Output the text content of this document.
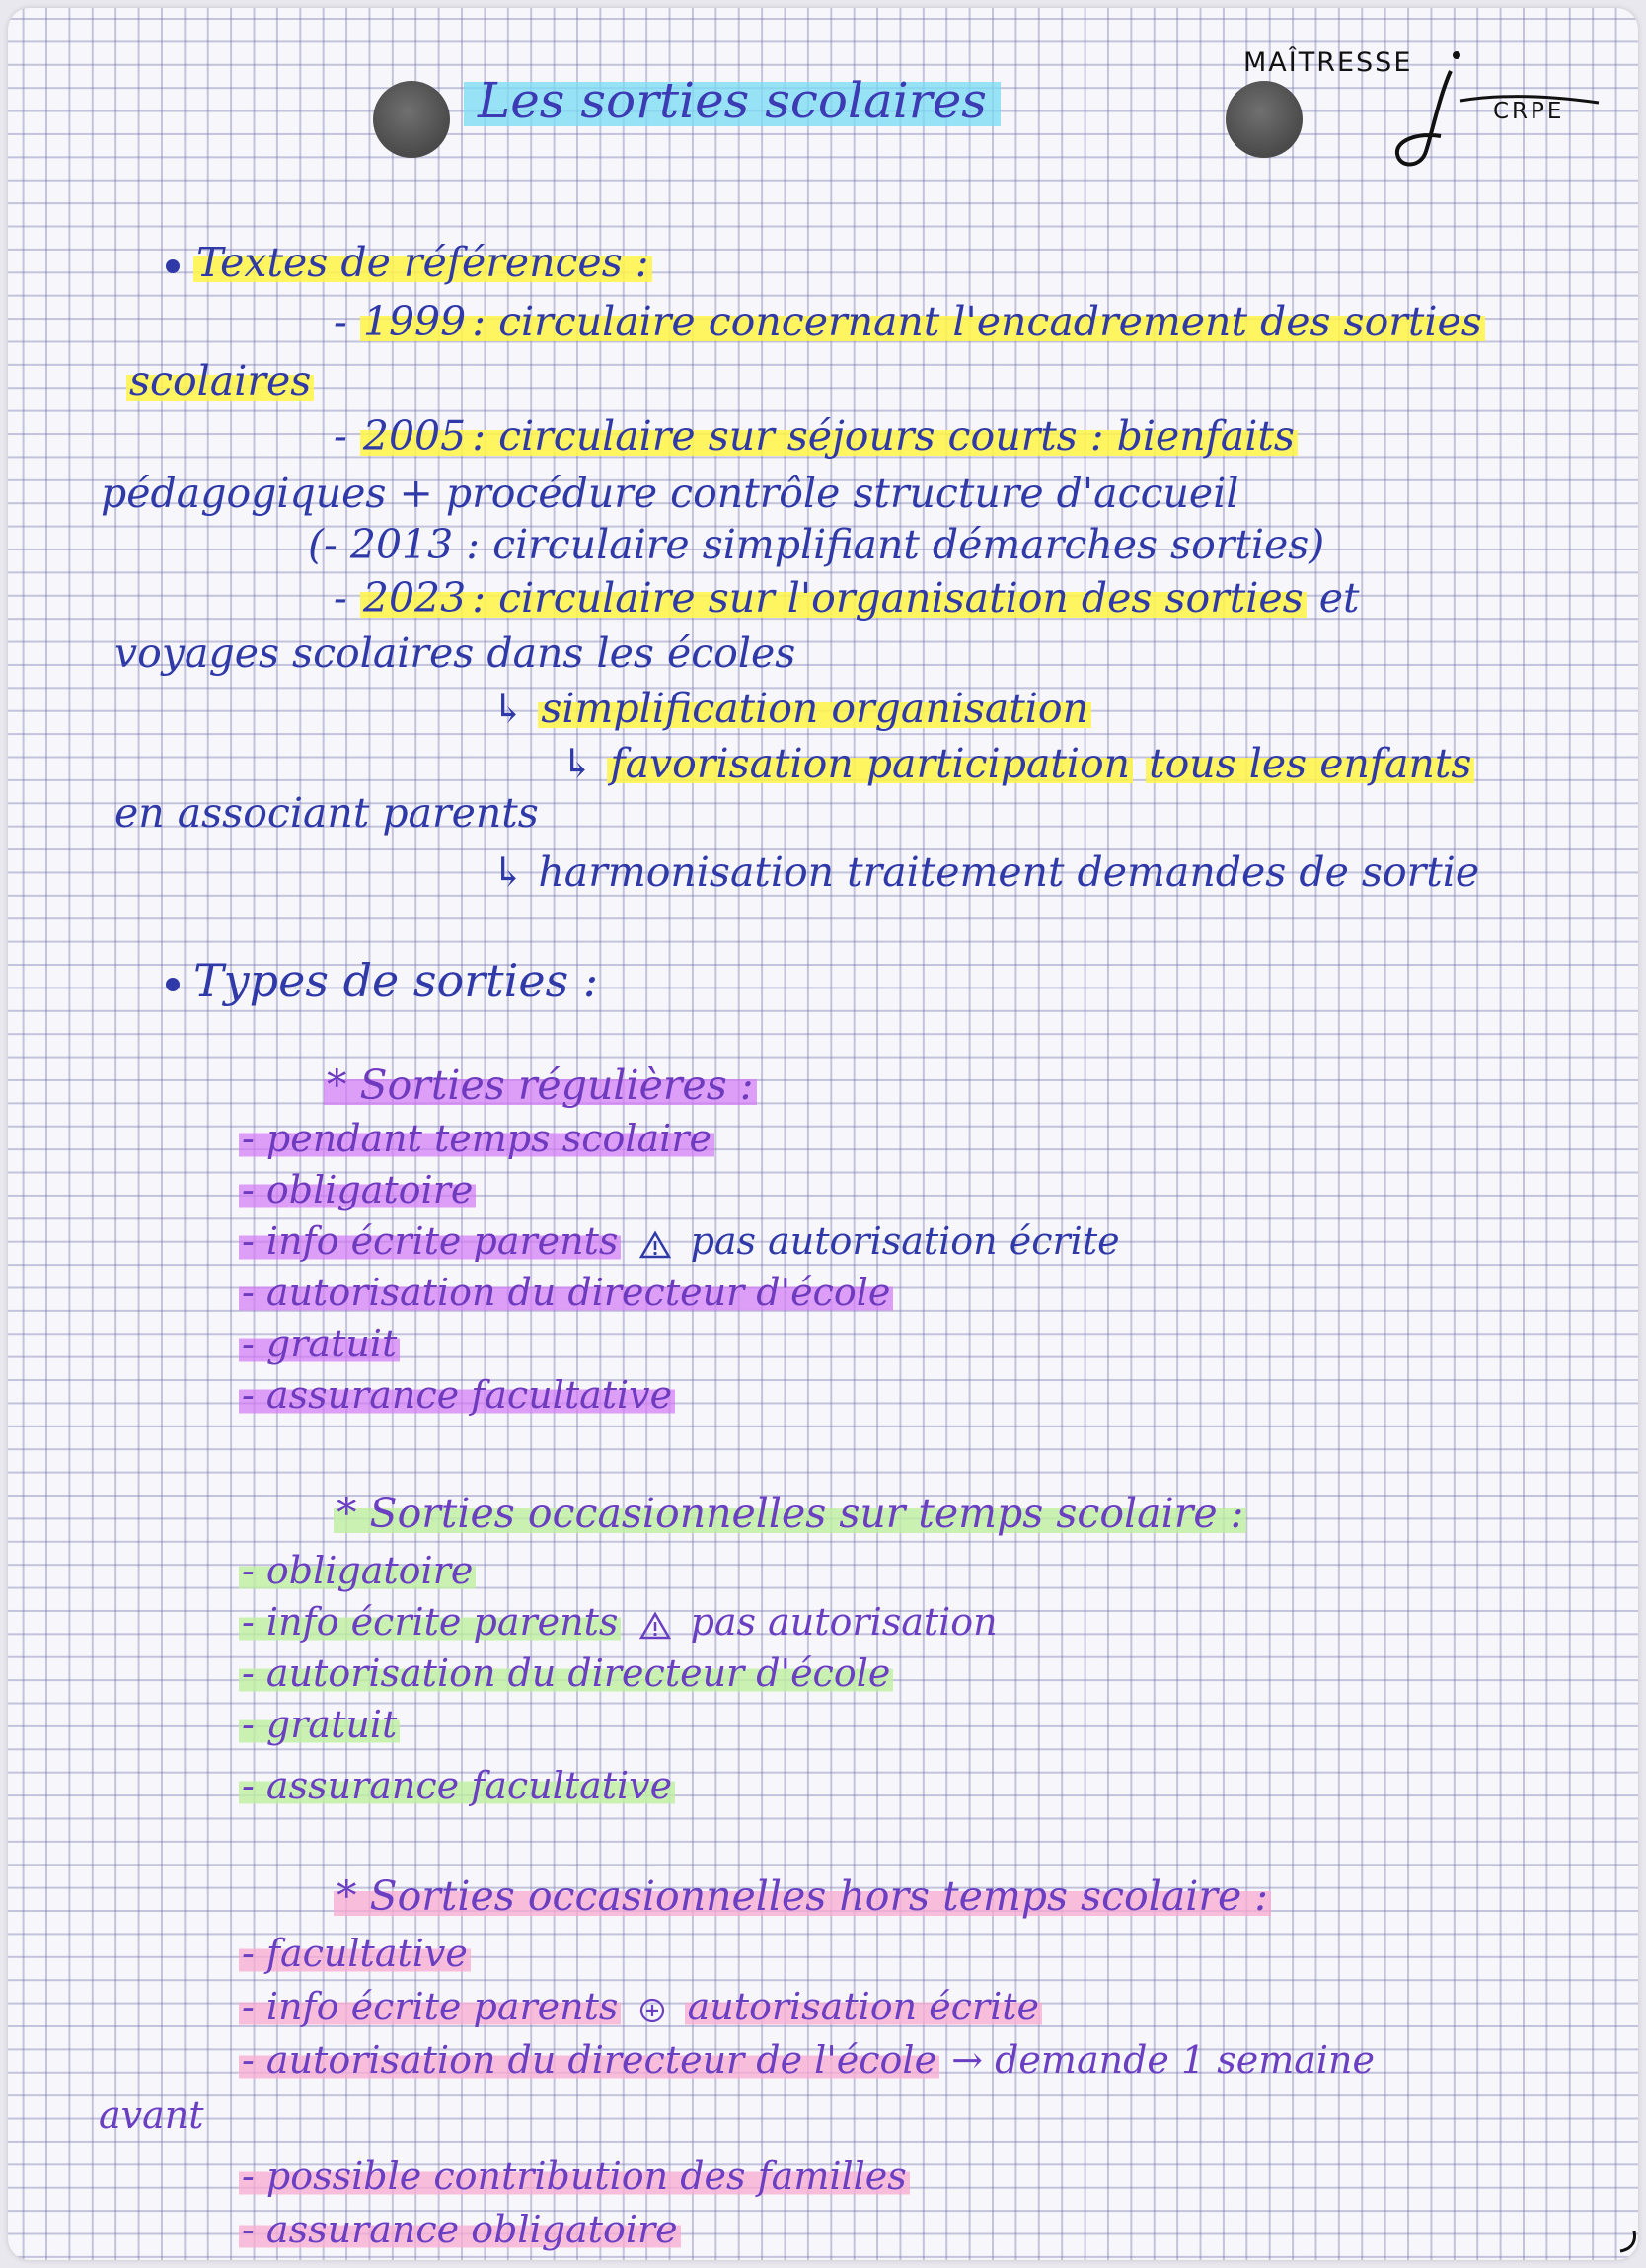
Les sorties scolaires
MAÎTRESSE
CRPE
Textes de références :
- 1999 : circulaire concernant l'encadrement des sorties
scolaires
- 2005 : circulaire sur séjours courts : bienfaits
pédagogiques + procédure contrôle structure d'accueil
(- 2013 : circulaire simplifiant démarches sorties)
- 2023 : circulaire sur l'organisation des sorties et
voyages scolaires dans les écoles
↳ simplification organisation
↳ favorisation participation tous les enfants
en associant parents
↳ harmonisation traitement demandes de sortie
Types de sorties :
* Sorties régulières :
- pendant temps scolaire
- obligatoire
- info écrite parents pas autorisation écrite
- autorisation du directeur d'école
- gratuit
- assurance facultative
* Sorties occasionnelles sur temps scolaire :
- obligatoire
- info écrite parents pas autorisation
- autorisation du directeur d'école
- gratuit
- assurance facultative
* Sorties occasionnelles hors temps scolaire :
- facultative
- info écrite parents autorisation écrite
- autorisation du directeur de l'école → demande 1 semaine
avant
- possible contribution des familles
- assurance obligatoire
